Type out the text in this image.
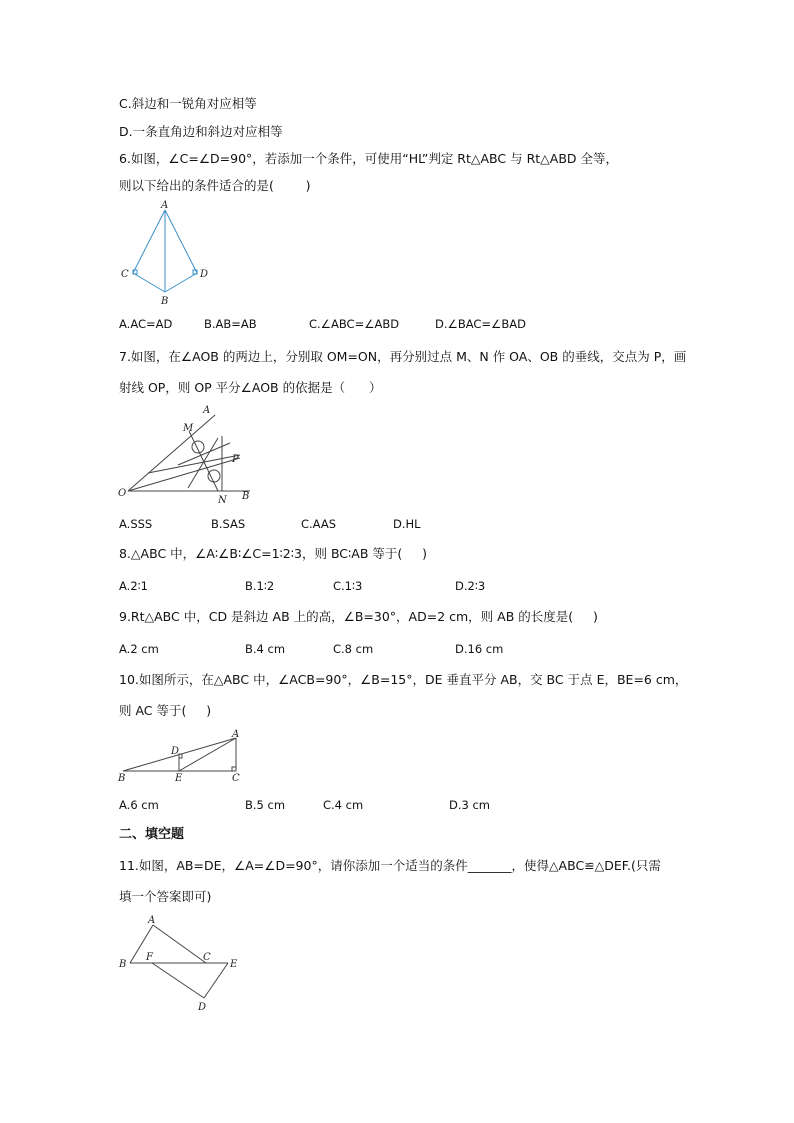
C.斜边和一锐角对应相等
D.一条直角边和斜边对应相等
6.如图，∠C=∠D=90°，若添加一个条件，可使用“HL”判定 Rt△ABC 与 Rt△ABD 全等，
则以下给出的条件适合的是(        )
A
C	D
B

A.AC=AD

	B.AB=AB

	C.∠ABC=∠ABD

	D.∠BAC=∠BAD

7.如图，在∠AOB 的两边上，分别取 OM=ON，再分别过点 M、N 作 OA、OB 的垂线，交点为 P，画
射线 OP，则 OP 平分∠AOB 的依据是（      ）
A
M
P
O
N B

A.SSS

	B.SAS

	C.AAS

	D.HL

8.△ABC 中，∠A∶∠B∶∠C=1∶2∶3，则 BC∶AB 等于(     )

A.2∶1

	B.1∶2

	C.1∶3

	D.2∶3

9.Rt△ABC 中，CD 是斜边 AB 上的高，∠B=30°，AD=2 cm，则 AB 的长度是(     )

A.2 cm

	B.4 cm

	C.8 cm

	D.16 cm

10.如图所示，在△ABC 中，∠ACB=90°，∠B=15°，DE 垂直平分 AB，交 BC 于点 E，BE=6 cm，
则 AC 等于(     )
A
D
B	E	C

A.6 cm

	B.5 cm

	C.4 cm

	D.3 cm

二、填空题
11.如图，AB=DE，∠A=∠D=90°，请你添加一个适当的条件_______，使得△ABC≌△DEF.(只需
填一个答案即可)
A
B
F	C
E
D
